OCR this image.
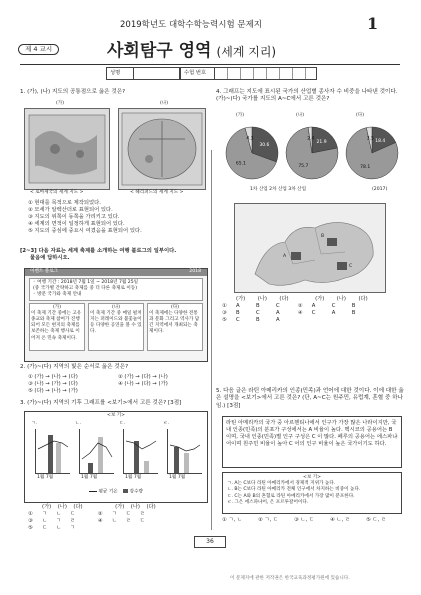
2019학년도 대학수학능력시험 문제지	1
제 4 교시	사회탐구 영역 (세계 지리)
성명	수험 번호
1. (가), (나) 지도의 공통점으로 옳은 것은?
(가)	(나)
< 로마제국의 세계 지도 >	< 헤리퍼드의 세계 지도 >
① 현대를 목적으로 제작되었다.
② 모세가 알렉산더로 표현되어 있다.
③ 지도의 위쪽이 동쪽을 가리키고 있다.
④ 세계의 면적이 일정하게 표현되어 있다.
⑤ 지도의 중심에 중요시 여겼음을 표현되어 있다.
[2~3] 다음 자료는 세계 축제를 소개하는 여행 블로그의 일부이다.
물음에 답하시오.
이벤트 블로그	2018
◦ 여행 기간 : 2018년 7월 1일 ~ 2018년 7월 25일
(중 국가별 간략하고 축제를 중 더 다른 축제로 이동)
◦ 방문 국가와 축제 안내
(가)
이 축제 기간 중에는 고유 종교와 축제 참여가 진행되어 모든 현지의 축제를 보존하는 축제 행사로 이어져 온 민속 축제이다.
(나)
이 축제 기간 중 매일 펼쳐지는 퍼레이드와 불꽃놀이 등 다양한 공연을 볼 수 있다.
(다)
이 축제에는 다양한 전통과 문화 그리고 역사가 담긴 지역에서 개최되는 축제이다.
2. (가)~(다) 지역의 빛은 순서로 옳은 것은?
① (가) → (나) → (다)	② (가) → (다) → (나)
③ (나) → (가) → (다)	④ (나) → (다) → (가)
⑤ (다) → (나) → (가)
3. (가)~(다) 지역의 기후 그래프를 <보기>에서 고른 것은? [3점]
<보 기>
ㄱ.
1월 7월
ㄴ.
1월 7월
ㄷ.
1월 7월
ㄹ.
1월 7월
평균 기온	강수량
(가) (나) (다)	(가) (나) (다)
① ㄱ ㄴ ㄷ	② ㄱ ㄷ ㄹ
③ ㄴ ㄱ ㄹ	④ ㄴ ㄹ ㄷ
⑤ ㄷ ㄴ ㄱ
4. 그래프는 지도에 표시된 국가의 산업별 종사자 수 비중을 나타낸 것이다. (가)~(다) 국가를 지도의 A~C에서 고른 것은?
(가)	(나)	(다)
30.6
65.1
4.3
21.9
75.7
2.4	18.4
78.1
3.5
1차 산업 2차 산업 3차 산업	(2017)
A
B
C
(가) (나) (다)	(가) (나) (다)
① A	B	C	② A	C	B
③ B	C	A	④ C	A	B
⑤ C	B	A
5. 다음 글은 라틴 아메리카의 인종(민족)과 언어에 대한 것이다. 이에 대한 옳은 설명을 <보기>에서 고른 것은? (단, A~C는 원주민, 유럽계, 혼혈 중 하나임.) [3점]
라틴 아메리카의 국가 중 아르헨티나에서 인구가 가장 많은 나라이지만, 국내 인종(민족)의 분포가 구성에서는 A 비율이 높다. 멕시코의 공용어는 B 이며, 국내 인종(민족)별 인구 구성은 C 이 많다. 페루의 공용어는 에스파냐어이며 원주민 비율이 높아 C 어의 인구 비율이 높은 국가이기도 하다.
<보 기>
ㄱ. A는 C보다 라틴 아메리카에서 경제적 지위가 높다.
ㄴ. B는 C보다 라틴 아메리카 전체 인구에서 차지하는 비중이 높다.
ㄷ. C는 A와 B의 혼혈로 라틴 아메리카에서 가장 많이 분포한다.
ㄹ. 그은 에스파냐어, 은 포르투갈어이다.
① ㄱ, ㄴ	② ㄱ, ㄷ	③ ㄴ, ㄷ	④ ㄴ, ㄹ	⑤ ㄷ, ㄹ
36
이 문제지에 관한 저작권은 한국교육과정평가원에 있습니다.
